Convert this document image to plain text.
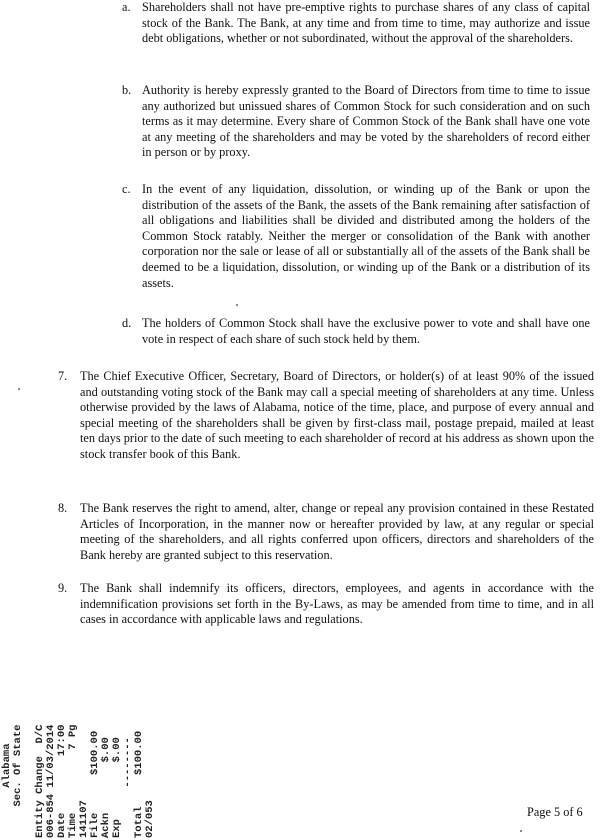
a. Shareholders shall not have pre-emptive rights to purchase shares of any class of capital stock of the Bank. The Bank, at any time and from time to time, may authorize and issue debt obligations, whether or not subordinated, without the approval of the shareholders.
b. Authority is hereby expressly granted to the Board of Directors from time to time to issue any authorized but unissued shares of Common Stock for such consideration and on such terms as it may determine. Every share of Common Stock of the Bank shall have one vote at any meeting of the shareholders and may be voted by the shareholders of record either in person or by proxy.
c. In the event of any liquidation, dissolution, or winding up of the Bank or upon the distribution of the assets of the Bank, the assets of the Bank remaining after satisfaction of all obligations and liabilities shall be divided and distributed among the holders of the Common Stock ratably. Neither the merger or consolidation of the Bank with another corporation nor the sale or lease of all or substantially all of the assets of the Bank shall be deemed to be a liquidation, dissolution, or winding up of the Bank or a distribution of its assets.
d. The holders of Common Stock shall have the exclusive power to vote and shall have one vote in respect of each share of such stock held by them.
7. The Chief Executive Officer, Secretary, Board of Directors, or holder(s) of at least 90% of the issued and outstanding voting stock of the Bank may call a special meeting of shareholders at any time. Unless otherwise provided by the laws of Alabama, notice of the time, place, and purpose of every annual and special meeting of the shareholders shall be given by first-class mail, postage prepaid, mailed at least ten days prior to the date of such meeting to each shareholder of record at his address as shown upon the stock transfer book of this Bank.
8. The Bank reserves the right to amend, alter, change or repeal any provision contained in these Restated Articles of Incorporation, in the manner now or hereafter provided by law, at any regular or special meeting of the shareholders, and all rights conferred upon officers, directors and shareholders of the Bank hereby are granted subject to this reservation.
9. The Bank shall indemnify its officers, directors, employees, and agents in accordance with the indemnification provisions set forth in the By-Laws, as may be amended from time to time, and in all cases in accordance with applicable laws and regulations.
Alabama Sec. Of State
Entity Change  D/C 006-854 11/03/2014 Date         17:00 Time          7 Pg 141107 File      $100.00 Ackn        $.00 Exp         $.00 -------- Total     $100.00 02/053	Page 5 of 6
